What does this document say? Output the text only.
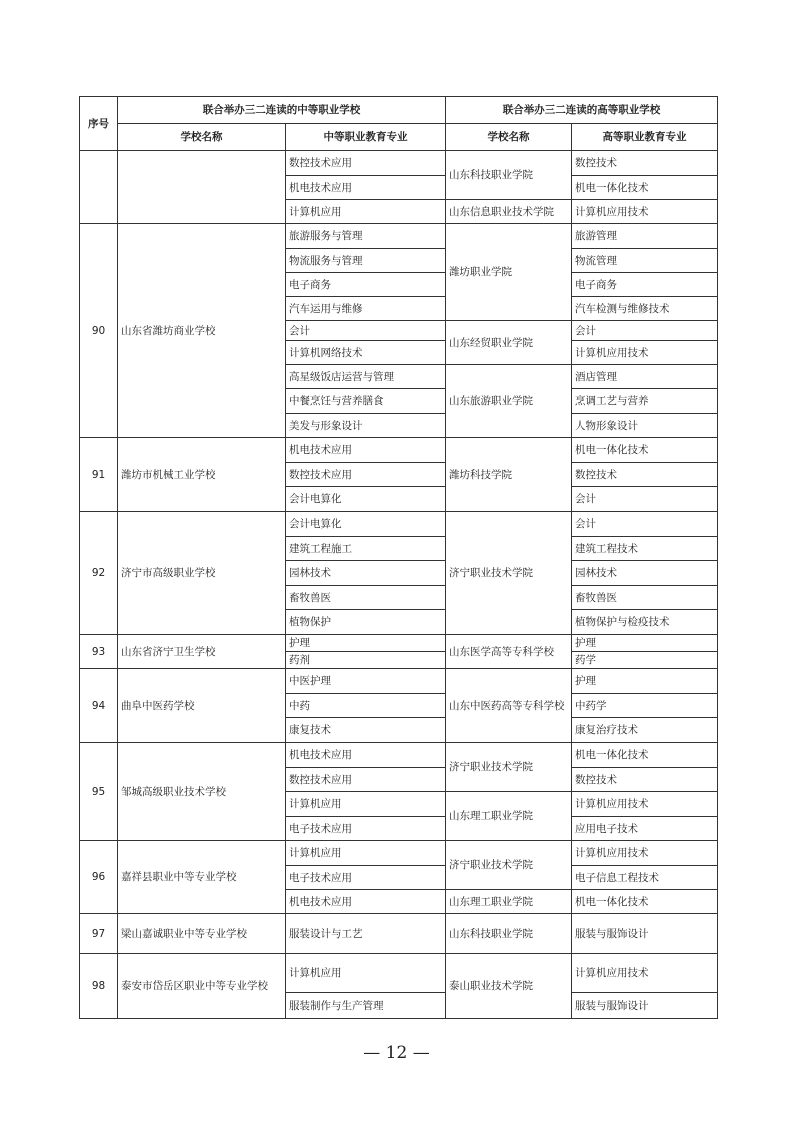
序号	联合举办三二连读的中等职业学校		联合举办三二连读的高等职业学校	
	学校名称	中等职业教育专业	学校名称	高等职业教育专业
		数控技术应用	山东科技职业学院	数控技术
		机电技术应用		机电一体化技术
		计算机应用	山东信息职业技术学院	计算机应用技术
90	山东省潍坊商业学校	旅游服务与管理	潍坊职业学院	旅游管理
		物流服务与管理		物流管理
		电子商务		电子商务
		汽车运用与维修		汽车检测与维修技术
		会计	山东经贸职业学院	会计
		计算机网络技术		计算机应用技术
		高星级饭店运营与管理	山东旅游职业学院	酒店管理
		中餐烹饪与营养膳食		烹调工艺与营养
		美发与形象设计		人物形象设计
91	潍坊市机械工业学校	机电技术应用	潍坊科技学院	机电一体化技术
		数控技术应用		数控技术
		会计电算化		会计
92	济宁市高级职业学校	会计电算化	济宁职业技术学院	会计
		建筑工程施工		建筑工程技术
		园林技术		园林技术
		畜牧兽医		畜牧兽医
		植物保护		植物保护与检疫技术
93	山东省济宁卫生学校	护理	山东医学高等专科学校	护理
		药剂		药学
94	曲阜中医药学校	中医护理	山东中医药高等专科学校	护理
		中药		中药学
		康复技术		康复治疗技术
95	邹城高级职业技术学校	机电技术应用	济宁职业技术学院	机电一体化技术
		数控技术应用		数控技术
		计算机应用	山东理工职业学院	计算机应用技术
		电子技术应用		应用电子技术
96	嘉祥县职业中等专业学校	计算机应用	济宁职业技术学院	计算机应用技术
		电子技术应用		电子信息工程技术
		机电技术应用	山东理工职业学院	机电一体化技术
97	梁山嘉诚职业中等专业学校	服装设计与工艺	山东科技职业学院	服装与服饰设计
98	泰安市岱岳区职业中等专业学校	计算机应用	泰山职业技术学院	计算机应用技术
		服装制作与生产管理		服装与服饰设计
— 12 —
